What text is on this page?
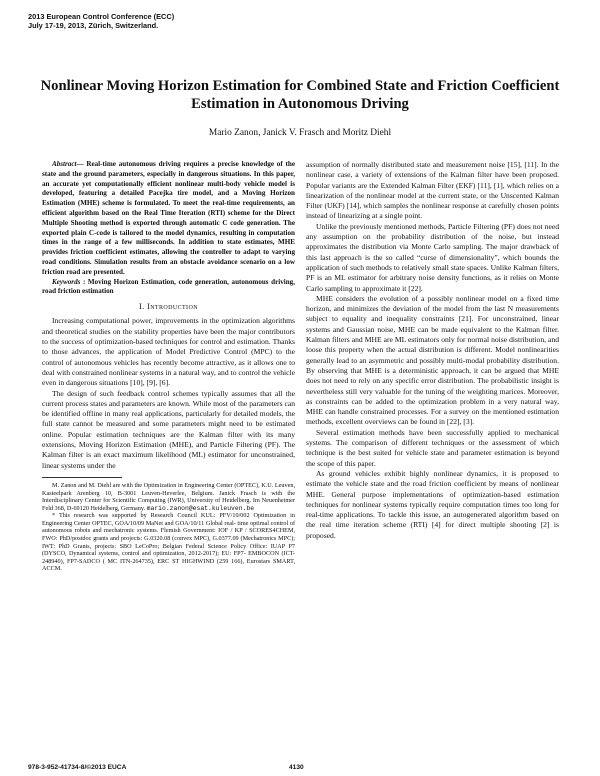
2013 European Control Conference (ECC)
July 17-19, 2013, Zürich, Switzerland.
Nonlinear Moving Horizon Estimation for Combined State and Friction Coefficient Estimation in Autonomous Driving
Mario Zanon, Janick V. Frasch and Moritz Diehl

Abstract— Real-time autonomous driving requires a precise knowledge of the state and the ground parameters, especially in dangerous situations. In this paper, an accurate yet computationally efficient nonlinear multi-body vehicle model is developed, featuring a detailed Pacejka tire model, and a Moving Horizon Estimation (MHE) scheme is formulated. To meet the real-time requirements, an efficient algorithm based on the Real Time Iteration (RTI) scheme for the Direct Multiple Shooting method is exported through automatic C code generation. The exported plain C-code is tailored to the model dynamics, resulting in computation times in the range of a few milliseconds. In addition to state estimates, MHE provides friction coefficient estimates, allowing the controller to adapt to varying road conditions. Simulation results from an obstacle avoidance scenario on a low friction road are presented.

Keywords : Moving Horizon Estimation, code generation, autonomous driving, road friction estimation

I. Introduction

Increasing computational power, improvements in the optimization algorithms and theoretical studies on the stability properties have been the major contributors to the success of optimization-based techniques for control and estimation. Thanks to those advances, the application of Model Predictive Control (MPC) to the control of autonomous vehicles has recently become attractive, as it allows one to deal with constrained nonlinear systems in a natural way, and to control the vehicle even in dangerous situations [10], [9], [6].

The design of such feedback control schemes typically assumes that all the current process states and parameters are known. While most of the parameters can be identified offline in many real applications, particularly for detailed models, the full state cannot be measured and some parameters might need to be estimated online. Popular estimation techniques are the Kalman filter with its many extensions, Moving Horizon Estimation (MHE), and Particle Filtering (PF). The Kalman filter is an exact maximum likelihood (ML) estimator for unconstrained, linear systems under the

M. Zanon and M. Diehl are with the Optimization in Engineering Center (OPTEC), K.U. Leuven, Kasteelpark Arenberg 10, B-3001 Leuven-Heverlee, Belgium. Janick Frasch is with the Interdisciplinary Center for Scientific Computing (IWR), University of Heidelberg. Im Neuenheimer Feld 368, D-69120 Heidelberg, Germany. mario.zanon@esat.kuleuven.be

* This research was supported by Research Council KUL: PFV/10/002 Optimization in Engineering Center OPTEC, GOA/10/09 MaNet and GOA/10/11 Global real- time optimal control of autonomous robots and mechatronic systems. Flemish Government: IOF / KP / SCORES4CHEM, FWO: PhD/postdoc grants and projects: G.0320.08 (convex MPC), G.0377.09 (Mechatronics MPC); IWT: PhD Grants, projects: SBO LeCoPro; Belgian Federal Science Policy Office: IUAP P7 (DYSCO, Dynamical systems, control and optimization, 2012-2017); EU: FP7- EMBOCON (ICT-248940), FP7-SADCO ( MC ITN-264735), ERC ST HIGHWIND (259 166), Eurostars SMART, ACCM.

assumption of normally distributed state and measurement noise [15], [11]. In the nonlinear case, a variety of extensions of the Kalman filter have been proposed. Popular variants are the Extended Kalman Filter (EKF) [11], [1], which relies on a linearization of the nonlinear model at the current state, or the Unscented Kalman Filter (UKF) [14], which samples the nonlinear response at carefully chosen points instead of linearizing at a single point.

Unlike the previously mentioned methods, Particle Filtering (PF) does not need any assumption on the probability distribution of the noise, but instead approximates the distribution via Monte Carlo sampling. The major drawback of this last approach is the so called “curse of dimensionality”, which bounds the application of such methods to relatively small state spaces. Unlike Kalman filters, PF is an ML estimator for arbitrary noise density functions, as it relies on Monte Carlo sampling to approximate it [22].

MHE considers the evolution of a possibly nonlinear model on a fixed time horizon, and minimizes the deviation of the model from the last N measurements subject to equality and inequality constraints [21]. For unconstrained, linear systems and Gaussian noise, MHE can be made equivalent to the Kalman filter. Kalman filters and MHE are ML estimators only for normal noise distribution, and loose this property when the actual distribution is different. Model nonlinearities generally lead to an asymmetric and possibly multi-modal probability distribution. By observing that MHE is a deterministic approach, it can be argued that MHE does not need to rely on any specific error distribution. The probabilistic insight is nevertheless still very valuable for the tuning of the weighting marices. Moreover, as constraints can be added to the optimization problem in a very natural way, MHE can handle constrained processes. For a survey on the mentioned estimation methods, excellent overviews can be found in [22], [3].

Several estimation methods have been successfully applied to mechanical systems. The comparison of different techniques or the assessment of which technique is the best suited for vehicle state and parameter estimation is beyond the scope of this paper.

As ground vehicles exhibit highly nonlinear dynamics, it is proposed to estimate the vehicle state and the road friction coefficient by means of nonlinear MHE. General purpose implementations of optimization-based estimation techniques for nonlinear systems typically require computation times too long for real-time applications. To tackle this issue, an autogenerated algorithm based on the real time iteration scheme (RTI) [4] for direct multiple shooting [2] is proposed.

978-3-952-41734-8/©2013 EUCA	4130
